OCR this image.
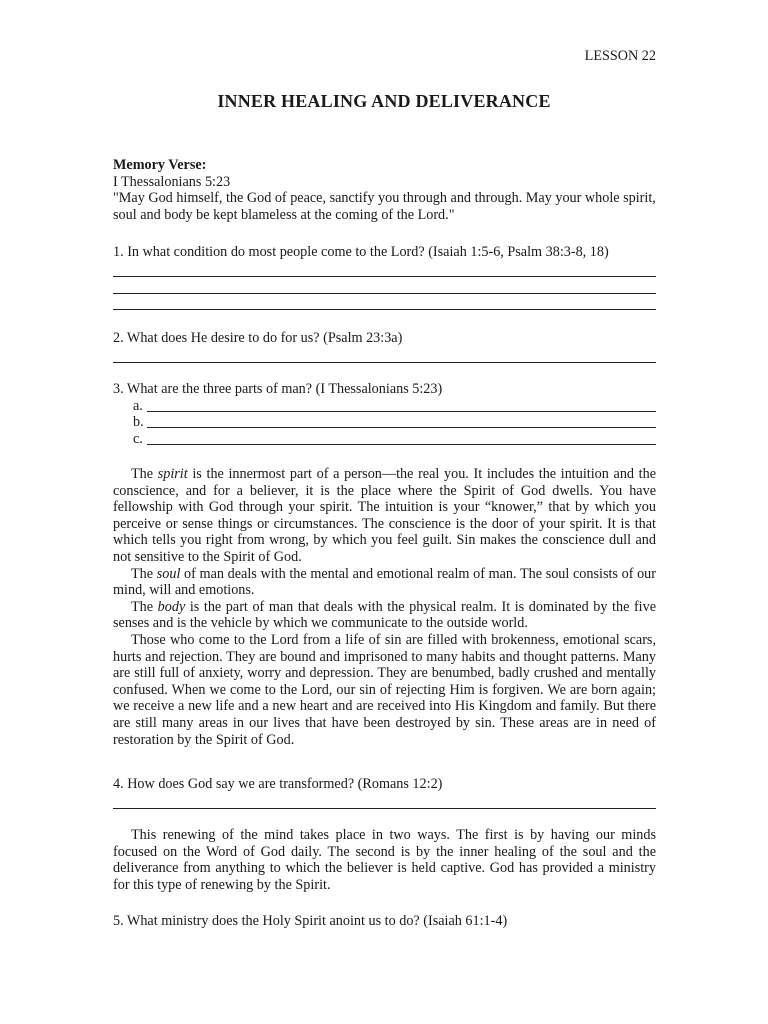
LESSON 22
INNER HEALING AND DELIVERANCE
Memory Verse:
I Thessalonians 5:23
"May God himself, the God of peace, sanctify you through and through. May your whole spirit, soul and body be kept blameless at the coming of the Lord."
1. In what condition do most people come to the Lord? (Isaiah 1:5-6, Psalm 38:3-8, 18)
2. What does He desire to do for us? (Psalm 23:3a)
3. What are the three parts of man? (I Thessalonians 5:23)
a.
b.
c.

The spirit is the innermost part of a person—the real you. It includes the intuition and the conscience, and for a believer, it is the place where the Spirit of God dwells. You have fellowship with God through your spirit. The intuition is your “knower,” that by which you perceive or sense things or circumstances. The conscience is the door of your spirit. It is that which tells you right from wrong, by which you feel guilt. Sin makes the conscience dull and not sensitive to the Spirit of God.

The soul of man deals with the mental and emotional realm of man. The soul consists of our mind, will and emotions.

The body is the part of man that deals with the physical realm. It is dominated by the five senses and is the vehicle by which we communicate to the outside world.

Those who come to the Lord from a life of sin are filled with brokenness, emotional scars, hurts and rejection. They are bound and imprisoned to many habits and thought patterns. Many are still full of anxiety, worry and depression. They are benumbed, badly crushed and mentally confused. When we come to the Lord, our sin of rejecting Him is forgiven. We are born again; we receive a new life and a new heart and are received into His Kingdom and family. But there are still many areas in our lives that have been destroyed by sin. These areas are in need of restoration by the Spirit of God.

4. How does God say we are transformed? (Romans 12:2)

This renewing of the mind takes place in two ways. The first is by having our minds focused on the Word of God daily. The second is by the inner healing of the soul and the deliverance from anything to which the believer is held captive. God has provided a ministry for this type of renewing by the Spirit.

5. What ministry does the Holy Spirit anoint us to do? (Isaiah 61:1-4)
